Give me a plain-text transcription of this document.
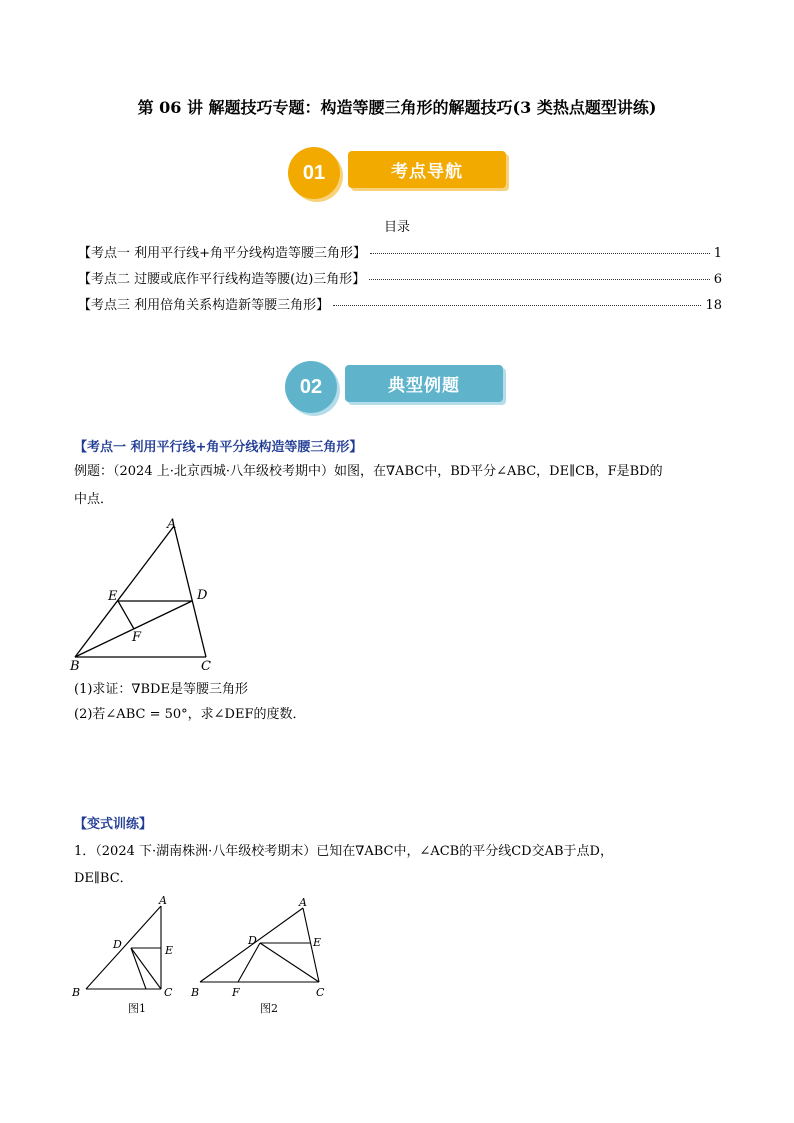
第 06 讲 解题技巧专题：构造等腰三角形的解题技巧(3 类热点题型讲练)
01	考点导航
目录
【考点一 利用平行线+角平分线构造等腰三角形】	1
【考点二 过腰或底作平行线构造等腰(边)三角形】	6
【考点三 利用倍角关系构造新等腰三角形】	18
02	典型例题
【考点一 利用平行线+角平分线构造等腰三角形】
例题：（2024 上·北京西城·八年级校考期中）如图，在∇ABC中，BD平分∠ABC，DE∥CB，F是BD的
中点．
A
E	D
F
B	C
(1)求证：∇BDE是等腰三角形
(2)若∠ABC = 50°，求∠DEF的度数．
【变式训练】
1．（2024 下·湖南株洲·八年级校考期末）已知在∇ABC中，∠ACB的平分线CD交AB于点D，
DE∥BC．
A
D	E
B	C
图1
A
D	E
B	F	C
图2
